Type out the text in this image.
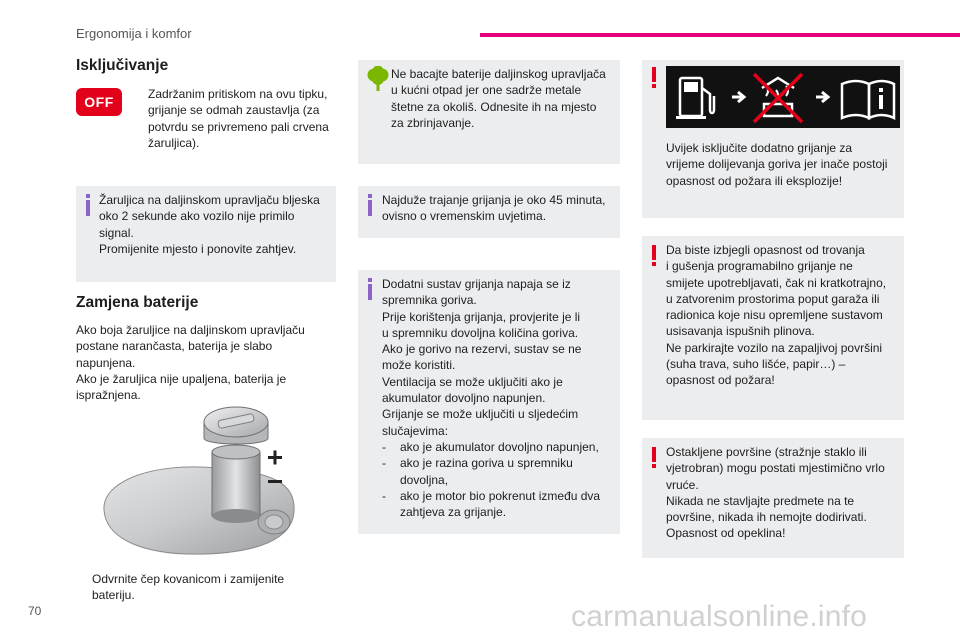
Ergonomija i komfor
Isključivanje
OFF	Zadržanim pritiskom na ovu tipku,
grijanje se odmah zaustavlja (za
potvrdu se privremeno pali crvena
žaruljica).
Žaruljica na daljinskom upravljaču bljeska
oko 2 sekunde ako vozilo nije primilo
signal.
Promijenite mjesto i ponovite zahtjev.
Zamjena baterije
Ako boja žaruljice na daljinskom upravljaču
postane narančasta, baterija je slabo
napunjena.
Ako je žaruljica nije upaljena, baterija je
ispražnjena.
Odvrnite čep kovanicom i zamijenite
bateriju.
Ne bacajte baterije daljinskog upravljača
u kućni otpad jer one sadrže metale
štetne za okoliš. Odnesite ih na mjesto
za zbrinjavanje.
Najduže trajanje grijanja je oko 45 minuta,
ovisno o vremenskim uvjetima.
Dodatni sustav grijanja napaja se iz
spremnika goriva.
Prije korištenja grijanja, provjerite je li
u spremniku dovoljna količina goriva.
Ako je gorivo na rezervi, sustav se ne
može koristiti.
Ventilacija se može uključiti ako je
akumulator dovoljno napunjen.
Grijanje se može uključiti u sljedećim
slučajevima:
-	ako je akumulator dovoljno napunjen,
-	ako je razina goriva u spremniku
dovoljna,
-	ako je motor bio pokrenut između dva
zahtjeva za grijanje.
Uvijek isključite dodatno grijanje za
vrijeme dolijevanja goriva jer inače postoji
opasnost od požara ili eksplozije!
Da biste izbjegli opasnost od trovanja
i gušenja programabilno grijanje ne
smijete upotrebljavati, čak ni kratkotrajno,
u zatvorenim prostorima poput garaža ili
radionica koje nisu opremljene sustavom
usisavanja ispušnih plinova.
Ne parkirajte vozilo na zapaljivoj površini
(suha trava, suho lišće, papir…) –
opasnost od požara!
Ostakljene površine (stražnje staklo ili
vjetrobran) mogu postati mjestimično vrlo
vruće.
Nikada ne stavljajte predmete na te
površine, nikada ih nemojte dodirivati.
Opasnost od opeklina!
70	carmanualsonline.info
